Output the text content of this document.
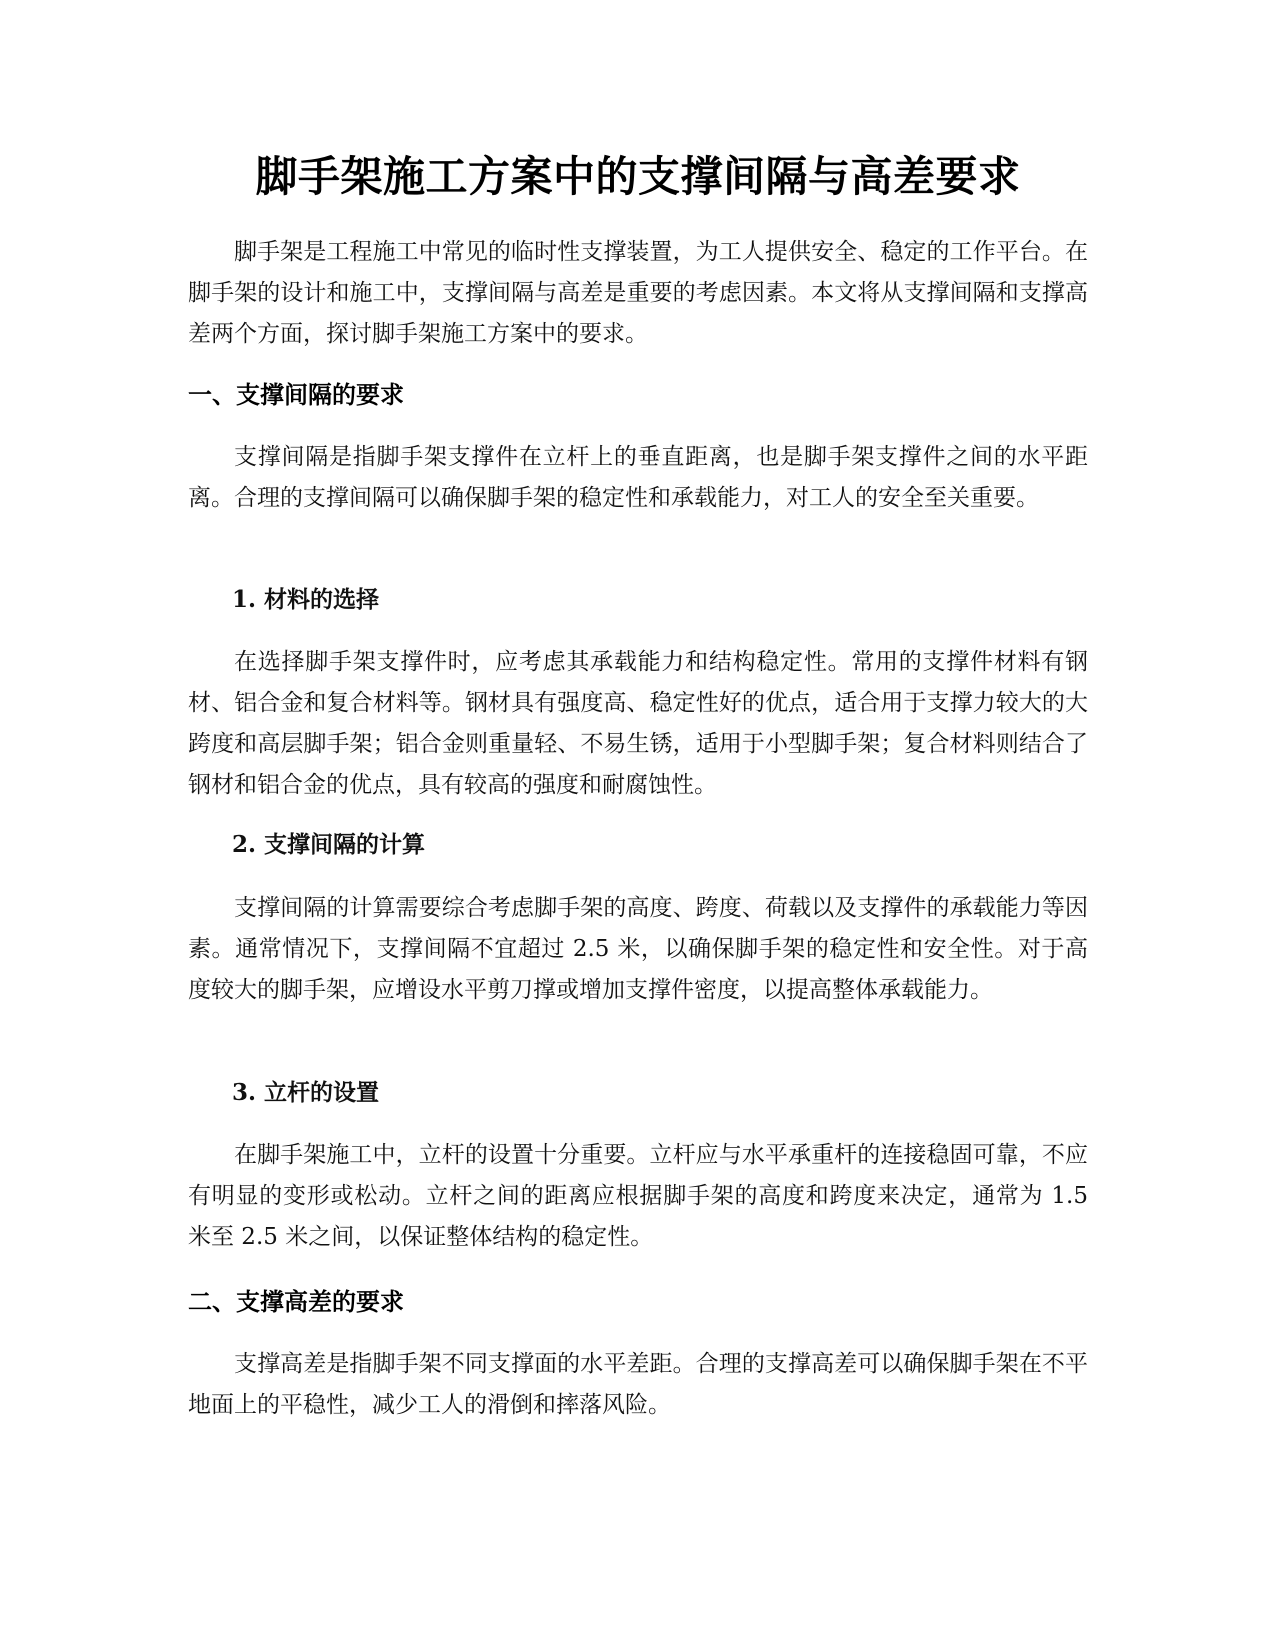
脚手架施工方案中的支撑间隔与高差要求

脚手架是工程施工中常见的临时性支撑装置，为工人提供安全、稳定的工作平台。在脚手架的设计和施工中，支撑间隔与高差是重要的考虑因素。本文将从支撑间隔和支撑高差两个方面，探讨脚手架施工方案中的要求。

一、支撑间隔的要求

支撑间隔是指脚手架支撑件在立杆上的垂直距离，也是脚手架支撑件之间的水平距离。合理的支撑间隔可以确保脚手架的稳定性和承载能力，对工人的安全至关重要。

1. 材料的选择

在选择脚手架支撑件时，应考虑其承载能力和结构稳定性。常用的支撑件材料有钢材、铝合金和复合材料等。钢材具有强度高、稳定性好的优点，适合用于支撑力较大的大跨度和高层脚手架；铝合金则重量轻、不易生锈，适用于小型脚手架；复合材料则结合了钢材和铝合金的优点，具有较高的强度和耐腐蚀性。

2. 支撑间隔的计算

支撑间隔的计算需要综合考虑脚手架的高度、跨度、荷载以及支撑件的承载能力等因素。通常情况下，支撑间隔不宜超过 2.5 米，以确保脚手架的稳定性和安全性。对于高度较大的脚手架，应增设水平剪刀撑或增加支撑件密度，以提高整体承载能力。

3. 立杆的设置

在脚手架施工中，立杆的设置十分重要。立杆应与水平承重杆的连接稳固可靠，不应有明显的变形或松动。立杆之间的距离应根据脚手架的高度和跨度来决定，通常为 1.5 米至 2.5 米之间，以保证整体结构的稳定性。

二、支撑高差的要求

支撑高差是指脚手架不同支撑面的水平差距。合理的支撑高差可以确保脚手架在不平地面上的平稳性，减少工人的滑倒和摔落风险。
